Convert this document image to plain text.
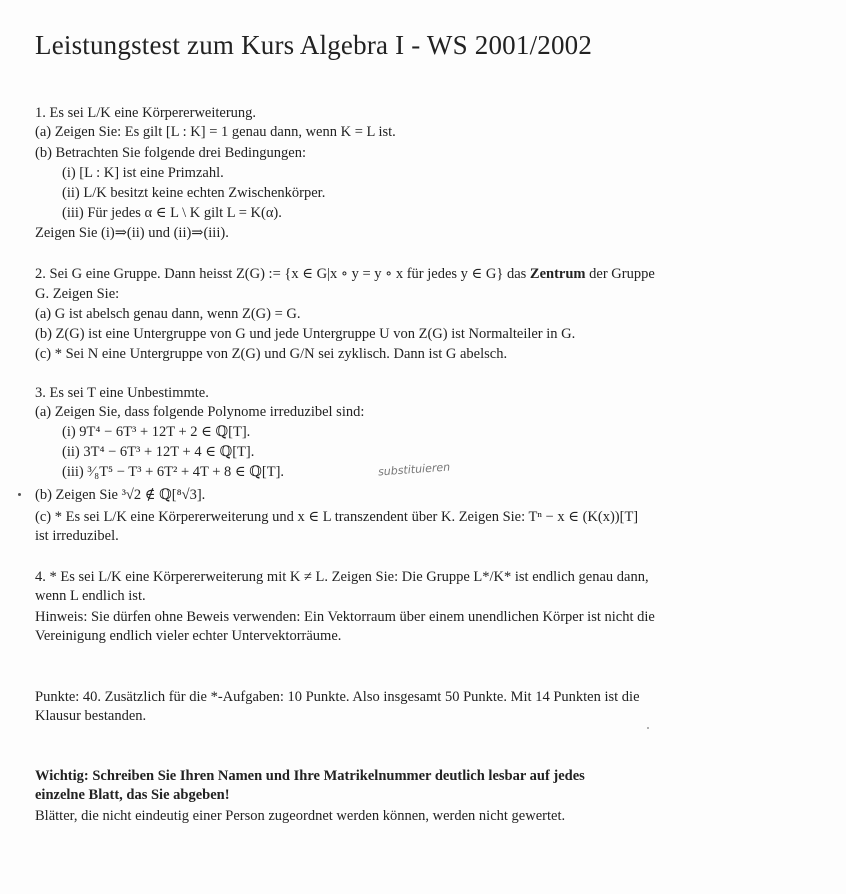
Leistungstest zum Kurs Algebra I - WS 2001/2002
1. Es sei L/K eine Körpererweiterung.
(a) Zeigen Sie: Es gilt [L : K] = 1 genau dann, wenn K = L ist.
(b) Betrachten Sie folgende drei Bedingungen:
(i) [L : K] ist eine Primzahl.
(ii) L/K besitzt keine echten Zwischenkörper.
(iii) Für jedes α ∈ L \ K gilt L = K(α).
Zeigen Sie (i)⇒(ii) und (ii)⇒(iii).
2. Sei G eine Gruppe. Dann heisst Z(G) := {x ∈ G|x ∘ y = y ∘ x für jedes y ∈ G} das Zentrum der Gruppe
G. Zeigen Sie:
(a) G ist abelsch genau dann, wenn Z(G) = G.
(b) Z(G) ist eine Untergruppe von G und jede Untergruppe U von Z(G) ist Normalteiler in G.
(c) * Sei N eine Untergruppe von Z(G) und G/N sei zyklisch. Dann ist G abelsch.
3. Es sei T eine Unbestimmte.
(a) Zeigen Sie, dass folgende Polynome irreduzibel sind:
(i) 9T⁴ − 6T³ + 12T + 2 ∈ ℚ[T].
(ii) 3T⁴ − 6T³ + 12T + 4 ∈ ℚ[T].
(iii) ³⁄₈T⁵ − T³ + 6T² + 4T + 8 ∈ ℚ[T].	substituieren
(b) Zeigen Sie ³√2 ∉ ℚ[⁸√3].
(c) * Es sei L/K eine Körpererweiterung und x ∈ L transzendent über K. Zeigen Sie: Tⁿ − x ∈ (K(x))[T]
ist irreduzibel.
4. * Es sei L/K eine Körpererweiterung mit K ≠ L. Zeigen Sie: Die Gruppe L*/K* ist endlich genau dann,
wenn L endlich ist.
Hinweis: Sie dürfen ohne Beweis verwenden: Ein Vektorraum über einem unendlichen Körper ist nicht die
Vereinigung endlich vieler echter Untervektorräume.
Punkte: 40. Zusätzlich für die *-Aufgaben: 10 Punkte. Also insgesamt 50 Punkte. Mit 14 Punkten ist die
Klausur bestanden.
Wichtig: Schreiben Sie Ihren Namen und Ihre Matrikelnummer deutlich lesbar auf jedes
einzelne Blatt, das Sie abgeben!
Blätter, die nicht eindeutig einer Person zugeordnet werden können, werden nicht gewertet.
